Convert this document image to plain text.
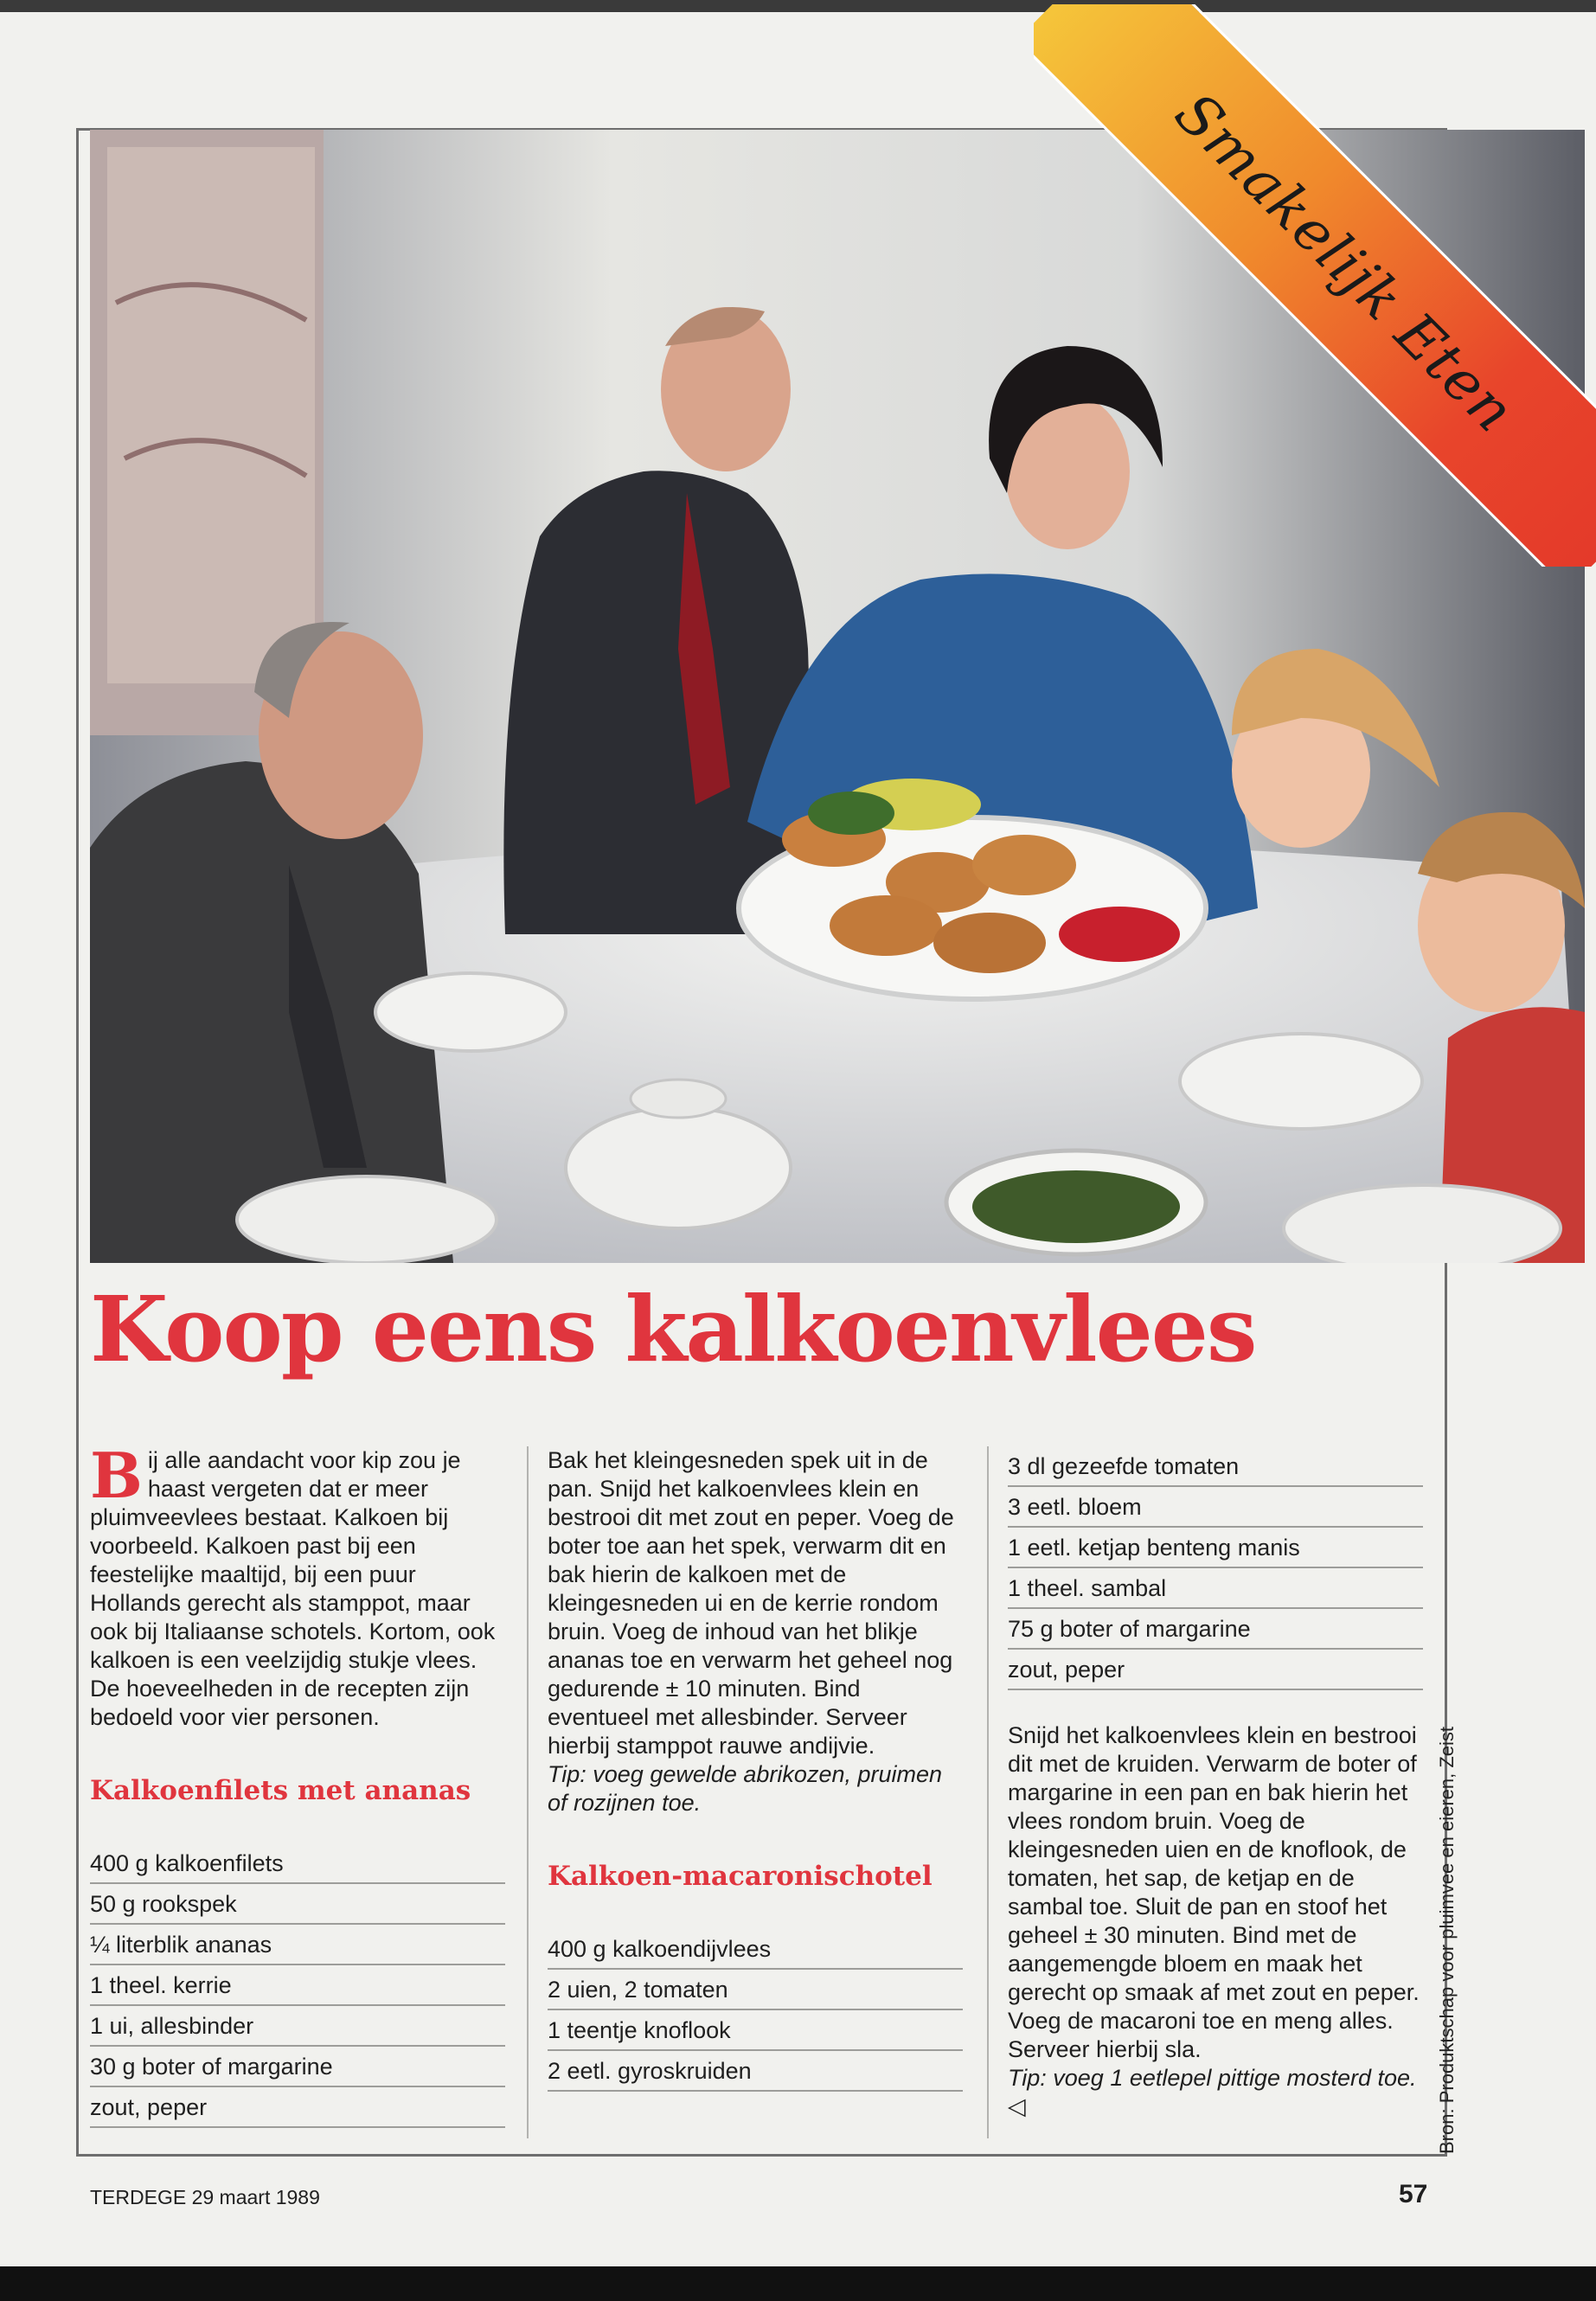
Smakelijk Eten
Koop eens kalkoenvlees

Bij alle aandacht voor kip zou je haast vergeten dat er meer pluimveevlees bestaat. Kalkoen bij voorbeeld. Kalkoen past bij een feestelijke maaltijd, bij een puur Hollands gerecht als stamppot, maar ook bij Italiaanse schotels. Kortom, ook kalkoen is een veelzijdig stukje vlees. De hoeveelheden in de recepten zijn bedoeld voor vier personen.

Kalkoenfilets met ananas
400 g kalkoenfilets
50 g rookspek
¼ literblik ananas
1 theel. kerrie
1 ui, allesbinder
30 g boter of margarine
zout, peper

Bak het kleingesneden spek uit in de pan. Snijd het kalkoenvlees klein en bestrooi dit met zout en peper. Voeg de boter toe aan het spek, verwarm dit en bak hierin de kalkoen met de kleingesneden ui en de kerrie rondom bruin. Voeg de inhoud van het blikje ananas toe en verwarm het geheel nog gedurende ± 10 minuten. Bind eventueel met allesbinder. Serveer hierbij stamppot rauwe andijvie.

Tip: voeg gewelde abrikozen, pruimen of rozijnen toe.

Kalkoen-macaronischotel
400 g kalkoendijvlees
2 uien, 2 tomaten
1 teentje knoflook
2 eetl. gyroskruiden
3 dl gezeefde tomaten
3 eetl. bloem
1 eetl. ketjap benteng manis
1 theel. sambal
75 g boter of margarine
zout, peper

Snijd het kalkoenvlees klein en bestrooi dit met de kruiden. Verwarm de boter of margarine in een pan en bak hierin het vlees rondom bruin. Voeg de kleingesneden uien en de knoflook, de tomaten, het sap, de ketjap en de sambal toe. Sluit de pan en stoof het geheel ± 30 minuten. Bind met de aangemengde bloem en maak het gerecht op smaak af met zout en peper. Voeg de macaroni toe en meng alles. Serveer hierbij sla.

Tip: voeg 1 eetlepel pittige mosterd toe. ◁	Bron: Produktschap voor pluimvee en eieren, Zeist
TERDEGE 29 maart 1989	57
